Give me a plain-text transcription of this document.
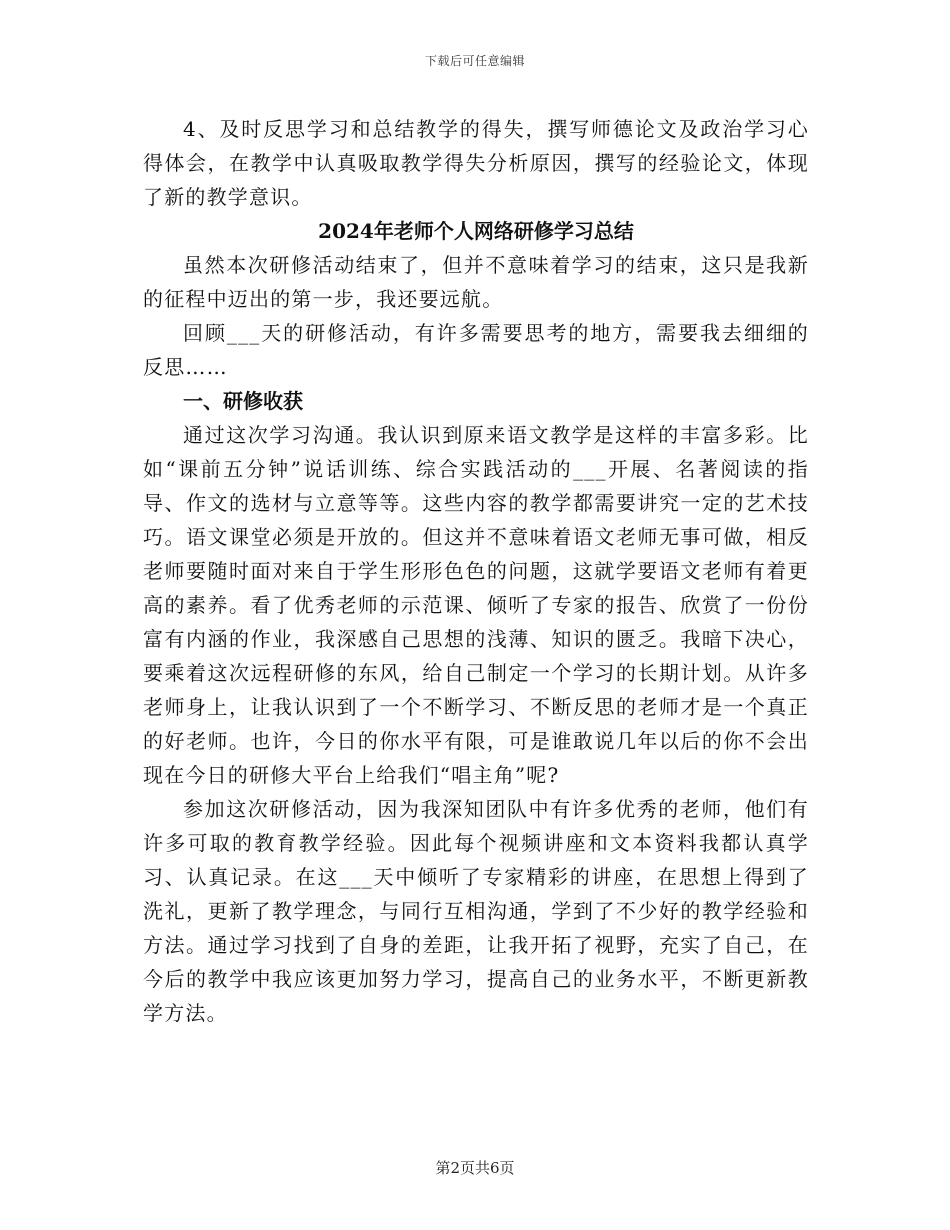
下载后可任意编辑

4、及时反思学习和总结教学的得失，撰写师德论文及政治学习心得体会，在教学中认真吸取教学得失分析原因，撰写的经验论文，体现了新的教学意识。

2024年老师个人网络研修学习总结

虽然本次研修活动结束了，但并不意味着学习的结束，这只是我新的征程中迈出的第一步，我还要远航。

回顾___天的研修活动，有许多需要思考的地方，需要我去细细的反思……

一、研修收获

通过这次学习沟通。我认识到原来语文教学是这样的丰富多彩。比如“课前五分钟”说话训练、综合实践活动的___开展、名著阅读的指导、作文的选材与立意等等。这些内容的教学都需要讲究一定的艺术技巧。语文课堂必须是开放的。但这并不意味着语文老师无事可做，相反老师要随时面对来自于学生形形色色的问题，这就学要语文老师有着更高的素养。看了优秀老师的示范课、倾听了专家的报告、欣赏了一份份富有内涵的作业，我深感自己思想的浅薄、知识的匮乏。我暗下决心，要乘着这次远程研修的东风，给自己制定一个学习的长期计划。从许多老师身上，让我认识到了一个不断学习、不断反思的老师才是一个真正的好老师。也许，今日的你水平有限，可是谁敢说几年以后的你不会出现在今日的研修大平台上给我们“唱主角”呢?

参加这次研修活动，因为我深知团队中有许多优秀的老师，他们有许多可取的教育教学经验。因此每个视频讲座和文本资料我都认真学习、认真记录。在这___天中倾听了专家精彩的讲座，在思想上得到了洗礼，更新了教学理念，与同行互相沟通，学到了不少好的教学经验和方法。通过学习找到了自身的差距，让我开拓了视野，充实了自己，在今后的教学中我应该更加努力学习，提高自己的业务水平，不断更新教学方法。

第2页共6页
